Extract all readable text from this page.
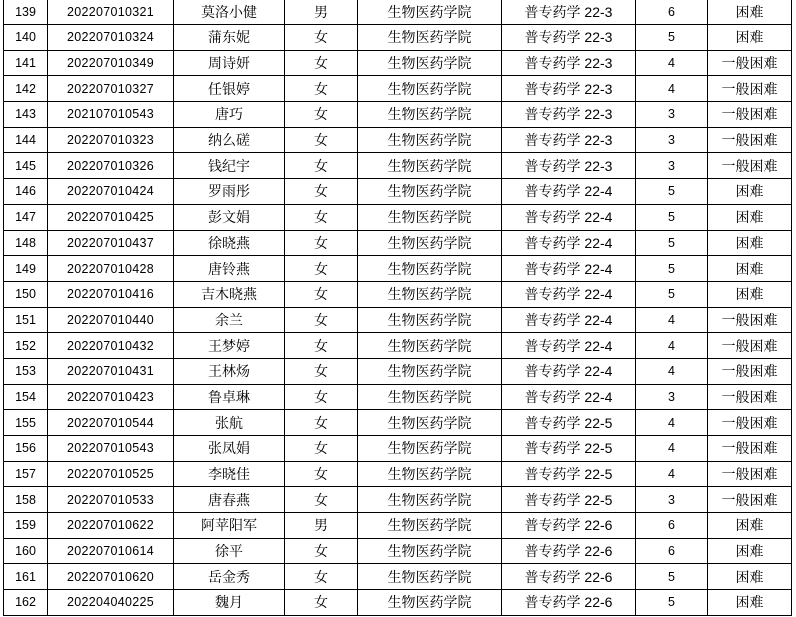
139	202207010321	莫洛小健	男	生物医药学院	普专药学 22-3	6	困难
140	202207010324	蒲东妮	女	生物医药学院	普专药学 22-3	5	困难
141	202207010349	周诗妍	女	生物医药学院	普专药学 22-3	4	一般困难
142	202207010327	任银婷	女	生物医药学院	普专药学 22-3	4	一般困难
143	202107010543	唐巧	女	生物医药学院	普专药学 22-3	3	一般困难
144	202207010323	纳么磋	女	生物医药学院	普专药学 22-3	3	一般困难
145	202207010326	钱纪宇	女	生物医药学院	普专药学 22-3	3	一般困难
146	202207010424	罗雨彤	女	生物医药学院	普专药学 22-4	5	困难
147	202207010425	彭文娟	女	生物医药学院	普专药学 22-4	5	困难
148	202207010437	徐晓燕	女	生物医药学院	普专药学 22-4	5	困难
149	202207010428	唐铃燕	女	生物医药学院	普专药学 22-4	5	困难
150	202207010416	吉木晓燕	女	生物医药学院	普专药学 22-4	5	困难
151	202207010440	余兰	女	生物医药学院	普专药学 22-4	4	一般困难
152	202207010432	王梦婷	女	生物医药学院	普专药学 22-4	4	一般困难
153	202207010431	王林炀	女	生物医药学院	普专药学 22-4	4	一般困难
154	202207010423	鲁卓琳	女	生物医药学院	普专药学 22-4	3	一般困难
155	202207010544	张航	女	生物医药学院	普专药学 22-5	4	一般困难
156	202207010543	张凤娟	女	生物医药学院	普专药学 22-5	4	一般困难
157	202207010525	李晓佳	女	生物医药学院	普专药学 22-5	4	一般困难
158	202207010533	唐春燕	女	生物医药学院	普专药学 22-5	3	一般困难
159	202207010622	阿苹阳军	男	生物医药学院	普专药学 22-6	6	困难
160	202207010614	徐平	女	生物医药学院	普专药学 22-6	6	困难
161	202207010620	岳金秀	女	生物医药学院	普专药学 22-6	5	困难
162	202204040225	魏月	女	生物医药学院	普专药学 22-6	5	困难
